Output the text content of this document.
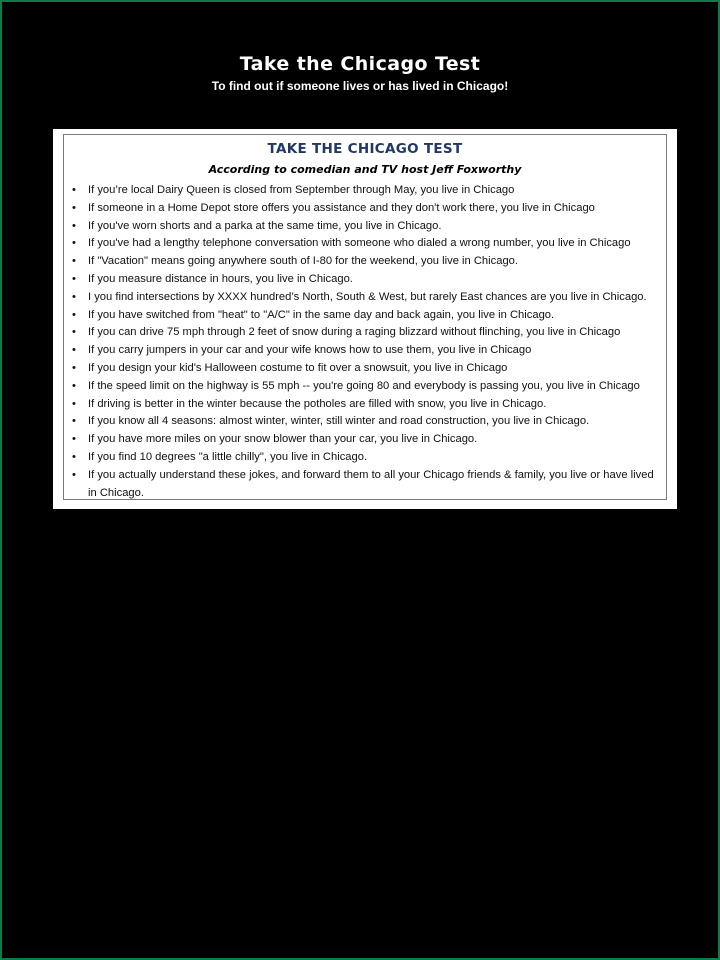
Take the Chicago Test
To find out if someone lives or has lived in Chicago!

TAKE THE CHICAGO TEST

According to comedian and TV host Jeff Foxworthy

•	If you’re local Dairy Queen is closed from September through May, you live in Chicago
•	If someone in a Home Depot store offers you assistance and they don't work there, you live in Chicago
•	If you've worn shorts and a parka at the same time, you live in Chicago.
•	If you've had a lengthy telephone conversation with someone who dialed a wrong number, you live in Chicago
•	If "Vacation" means going anywhere south of I-80 for the weekend, you live in Chicago.
•	If you measure distance in hours, you live in Chicago.
•	I you find intersections by XXXX hundred’s North, South & West, but rarely East chances are you live in Chicago.
•	If you have switched from "heat" to "A/C" in the same day and back again, you live in Chicago.
•	If you can drive 75 mph through 2 feet of snow during a raging blizzard without flinching, you live in Chicago
•	If you carry jumpers in your car and your wife knows how to use them, you live in Chicago
•	If you design your kid's Halloween costume to fit over a snowsuit, you live in Chicago
•	If the speed limit on the highway is 55 mph -- you're going 80 and everybody is passing you, you live in Chicago
•	If driving is better in the winter because the potholes are filled with snow, you live in Chicago.
•	If you know all 4 seasons: almost winter, winter, still winter and road construction, you live in Chicago.
•	If you have more miles on your snow blower than your car, you live in Chicago.
•	If you find 10 degrees "a little chilly", you live in Chicago.
•	If you actually understand these jokes, and forward them to all your Chicago friends & family, you live or have lived in Chicago.
